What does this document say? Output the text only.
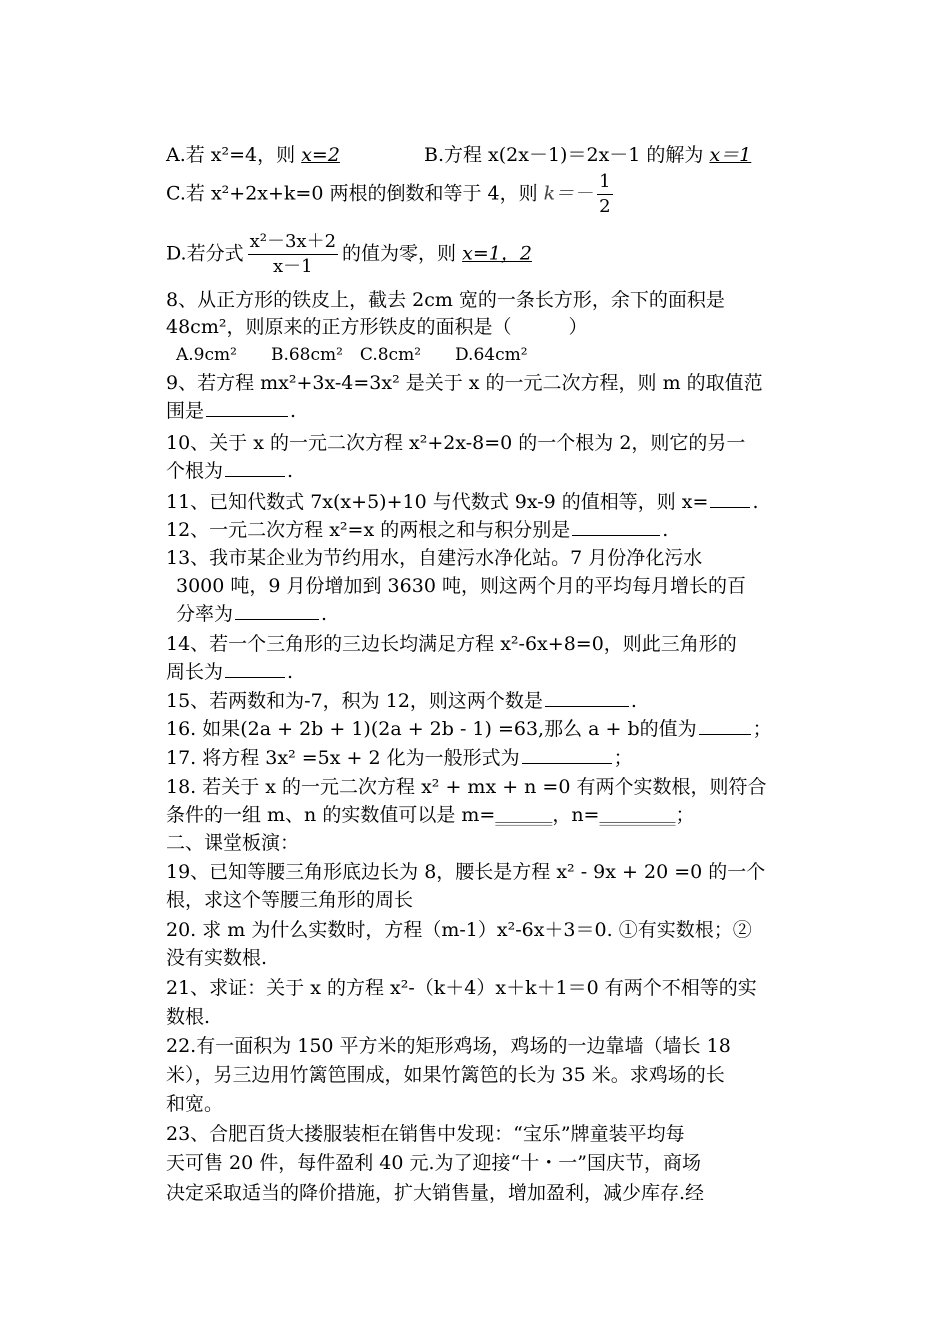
A.若 x²=4，则 x=2	B.方程 x(2x－1)＝2x－1 的解为 x＝1
C.若 x²+2x+k=0 两根的倒数和等于 4，则 $k=- \frac{1}{2}$
D.若分式 $\frac{\text{x²－3x＋2}}{x-1}$ 的值为零，则 x=1，2
8、从正方形的铁皮上，截去 2cm 宽的一条长方形，余下的面积是
48cm²，则原来的正方形铁皮的面积是（　　　）
A.9cm²　　B.68cm²　C.8cm²　　D.64cm²
9、若方程 mx²+3x-4=3x² 是关于 x 的一元二次方程，则 m 的取值范
围是	.
10、关于 x 的一元二次方程 x²+2x-8=0 的一个根为 2，则它的另一
个根为	.
11、已知代数式 7x(x+5)+10 与代数式 9x-9 的值相等，则 x= .
12、一元二次方程 x²=x 的两根之和与积分别是	.
13、我市某企业为节约用水，自建污水净化站。7 月份净化污水
3000 吨，9 月份增加到 3630 吨，则这两个月的平均每月增长的百
分率为	.
14、若一个三角形的三边长均满足方程 x²-6x+8=0，则此三角形的
周长为	.
15、若两数和为-7，积为 12，则这两个数是	.
16. 如果(2a + 2b + 1)(2a + 2b - 1) =63,那么 a + b的值为	；
17. 将方程 3x² =5x + 2 化为一般形式为	；
18. 若关于 x 的一元二次方程 x² + mx + n =0 有两个实数根，则符合
条件的一组 m、n 的实数值可以是 m=______，n=________；
二、课堂板演：
19、已知等腰三角形底边长为 8，腰长是方程 x² - 9x + 20 =0 的一个
根，求这个等腰三角形的周长
20. 求 m 为什么实数时，方程（m-1）x²-6x＋3＝0. ①有实数根；②
没有实数根.
21、求证：关于 x 的方程 x²-（k＋4）x＋k＋1＝0 有两个不相等的实
数根.
22.有一面积为 150 平方米的矩形鸡场，鸡场的一边靠墙（墙长 18
米），另三边用竹篱笆围成，如果竹篱笆的长为 35 米。求鸡场的长
和宽。
23、合肥百货大搂服装柜在销售中发现：“宝乐”牌童装平均每
天可售 20 件，每件盈利 40 元.为了迎接“十・一”国庆节，商场
决定采取适当的降价措施，扩大销售量，增加盈利，减少库存.经
